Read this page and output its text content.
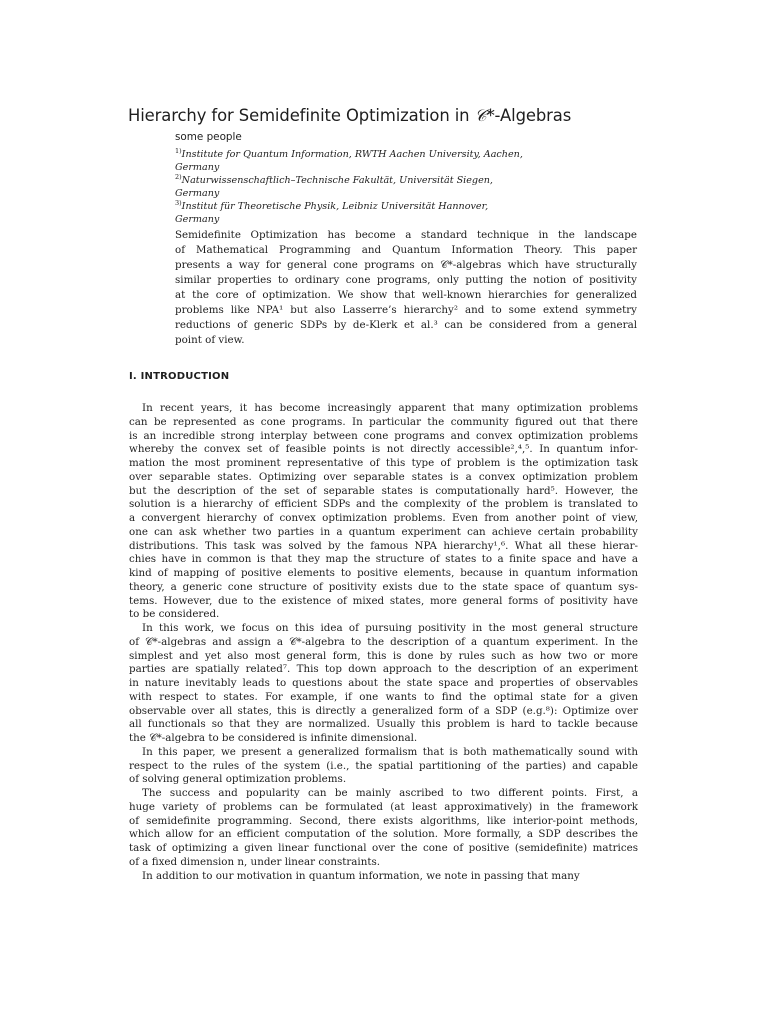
Hierarchy for Semidefinite Optimization in 𝒞*-Algebras
some people
$^{1)}$Institute for Quantum Information, RWTH Aachen University, Aachen,
Germany
$^{2)}$Naturwissenschaftlich–Technische Fakultät, Universität Siegen,
Germany
$^{3)}$Institut für Theoretische Physik, Leibniz Universität Hannover,
Germany
Semidefinite Optimization has become a standard technique in the landscape
of Mathematical Programming and Quantum Information Theory. This paper
presents a way for general cone programs on 𝒞*-algebras which have structurally
similar properties to ordinary cone programs, only putting the notion of positivity
at the core of optimization. We show that well-known hierarchies for generalized
problems like NPA¹ but also Lasserre’s hierarchy² and to some extend symmetry
reductions of generic SDPs by de-Klerk et al.³ can be considered from a general
point of view.
I. INTRODUCTION
In recent years, it has become increasingly apparent that many optimization problems
can be represented as cone programs. In particular the community figured out that there
is an incredible strong interplay between cone programs and convex optimization problems
whereby the convex set of feasible points is not directly accessible²,⁴,⁵. In quantum infor-
mation the most prominent representative of this type of problem is the optimization task
over separable states. Optimizing over separable states is a convex optimization problem
but the description of the set of separable states is computationally hard⁵. However, the
solution is a hierarchy of efficient SDPs and the complexity of the problem is translated to
a convergent hierarchy of convex optimization problems. Even from another point of view,
one can ask whether two parties in a quantum experiment can achieve certain probability
distributions. This task was solved by the famous NPA hierarchy¹,⁶. What all these hierar-
chies have in common is that they map the structure of states to a finite space and have a
kind of mapping of positive elements to positive elements, because in quantum information
theory, a generic cone structure of positivity exists due to the state space of quantum sys-
tems. However, due to the existence of mixed states, more general forms of positivity have
to be considered.
In this work, we focus on this idea of pursuing positivity in the most general structure
of 𝒞*-algebras and assign a 𝒞*-algebra to the description of a quantum experiment. In the
simplest and yet also most general form, this is done by rules such as how two or more
parties are spatially related⁷. This top down approach to the description of an experiment
in nature inevitably leads to questions about the state space and properties of observables
with respect to states. For example, if one wants to find the optimal state for a given
observable over all states, this is directly a generalized form of a SDP (e.g.⁸): Optimize over
all functionals so that they are normalized. Usually this problem is hard to tackle because
the 𝒞*-algebra to be considered is infinite dimensional.
In this paper, we present a generalized formalism that is both mathematically sound with
respect to the rules of the system (i.e., the spatial partitioning of the parties) and capable
of solving general optimization problems.
The success and popularity can be mainly ascribed to two different points. First, a
huge variety of problems can be formulated (at least approximatively) in the framework
of semidefinite programming. Second, there exists algorithms, like interior-point methods,
which allow for an efficient computation of the solution. More formally, a SDP describes the
task of optimizing a given linear functional over the cone of positive (semidefinite) matrices
of a fixed dimension n, under linear constraints.
In addition to our motivation in quantum information, we note in passing that many
